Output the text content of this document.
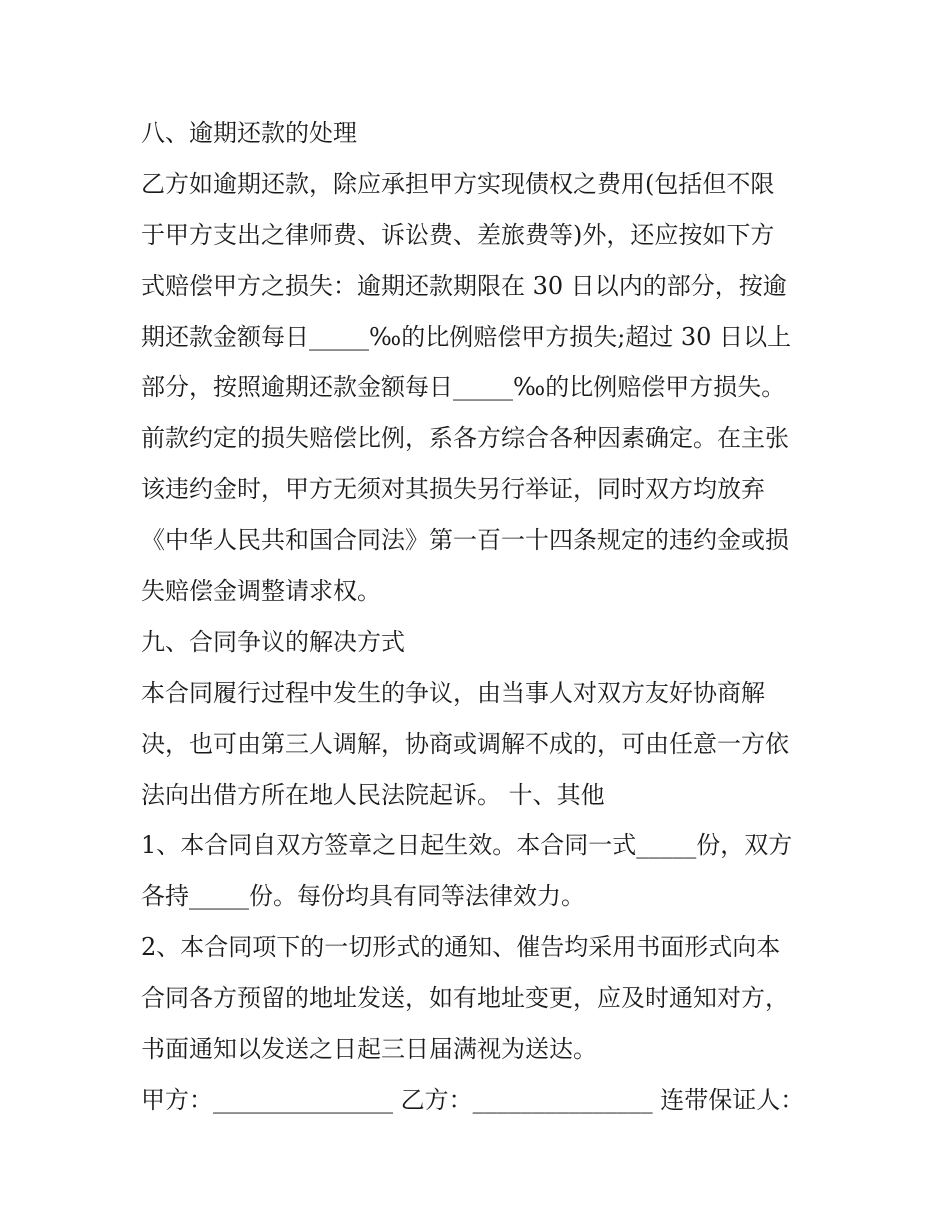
八、逾期还款的处理
乙方如逾期还款，除应承担甲方实现债权之费用(包括但不限
于甲方支出之律师费、诉讼费、差旅费等)外，还应按如下方
式赔偿甲方之损失：逾期还款期限在 30 日以内的部分，按逾
期还款金额每日_____‰的比例赔偿甲方损失;超过 30 日以上
部分，按照逾期还款金额每日_____‰的比例赔偿甲方损失。
前款约定的损失赔偿比例，系各方综合各种因素确定。在主张
该违约金时，甲方无须对其损失另行举证，同时双方均放弃
《中华人民共和国合同法》第一百一十四条规定的违约金或损
失赔偿金调整请求权。
九、合同争议的解决方式
本合同履行过程中发生的争议，由当事人对双方友好协商解
决，也可由第三人调解，协商或调解不成的，可由任意一方依
法向出借方所在地人民法院起诉。 十、其他
1、本合同自双方签章之日起生效。本合同一式_____份，双方
各持_____份。每份均具有同等法律效力。
2、本合同项下的一切形式的通知、催告均采用书面形式向本
合同各方预留的地址发送，如有地址变更，应及时通知对方，
书面通知以发送之日起三日届满视为送达。
甲方：_______________ 乙方：_______________ 连带保证人：
